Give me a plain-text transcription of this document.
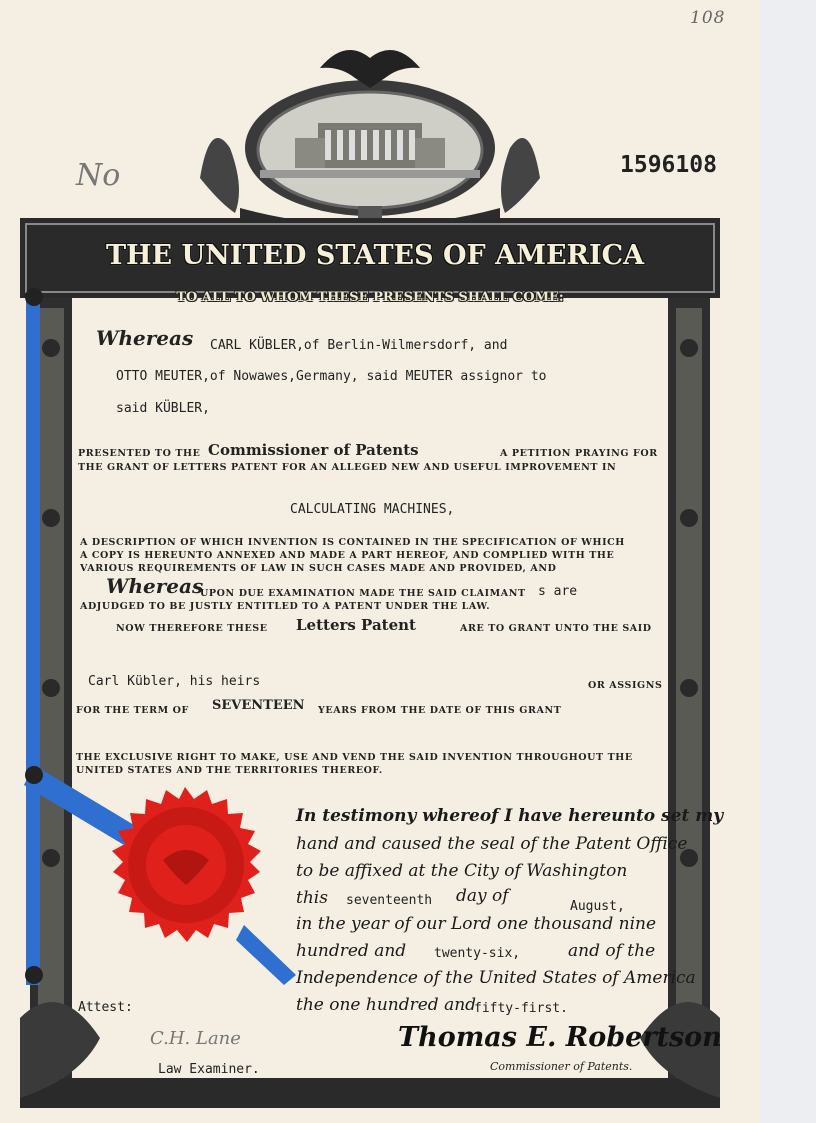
108
No	1596108
THE UNITED STATES OF AMERICA
TO ALL TO WHOM THESE PRESENTS SHALL COME:
Whereas CARL KÜBLER,of Berlin-Wilmersdorf, and
OTTO MEUTER,of Nowawes,Germany, said MEUTER assignor to
said KÜBLER,
PRESENTED TO THE Commissioner of Patents	A PETITION PRAYING FOR
THE GRANT OF LETTERS PATENT FOR AN ALLEGED NEW AND USEFUL IMPROVEMENT IN
CALCULATING MACHINES,
A DESCRIPTION OF WHICH INVENTION IS CONTAINED IN THE SPECIFICATION OF WHICH
A COPY IS HEREUNTO ANNEXED AND MADE A PART HEREOF, AND COMPLIED WITH THE
VARIOUS REQUIREMENTS OF LAW IN SUCH CASES MADE AND PROVIDED, AND
Whereas
UPON DUE EXAMINATION MADE THE SAID CLAIMANT s are
ADJUDGED TO BE JUSTLY ENTITLED TO A PATENT UNDER THE LAW.
NOW THEREFORE THESE Letters Patent	ARE TO GRANT UNTO THE SAID
Carl Kübler, his heirs	OR ASSIGNS
FOR THE TERM OF SEVENTEEN YEARS FROM THE DATE OF THIS GRANT
THE EXCLUSIVE RIGHT TO MAKE, USE AND VEND THE SAID INVENTION THROUGHOUT THE
UNITED STATES AND THE TERRITORIES THEREOF.
In testimony whereof I have hereunto set my
hand and caused the seal of the Patent Office
to be affixed at the City of Washington
this seventeenth day of
August,
in the year of our Lord one thousand nine
hundred and twenty-six,	and of the
Independence of the United States of America
the one hundred and
fifty-first.
Attest:
C.H. Lane
Law Examiner.
Thomas E. Robertson
Commissioner of Patents.
